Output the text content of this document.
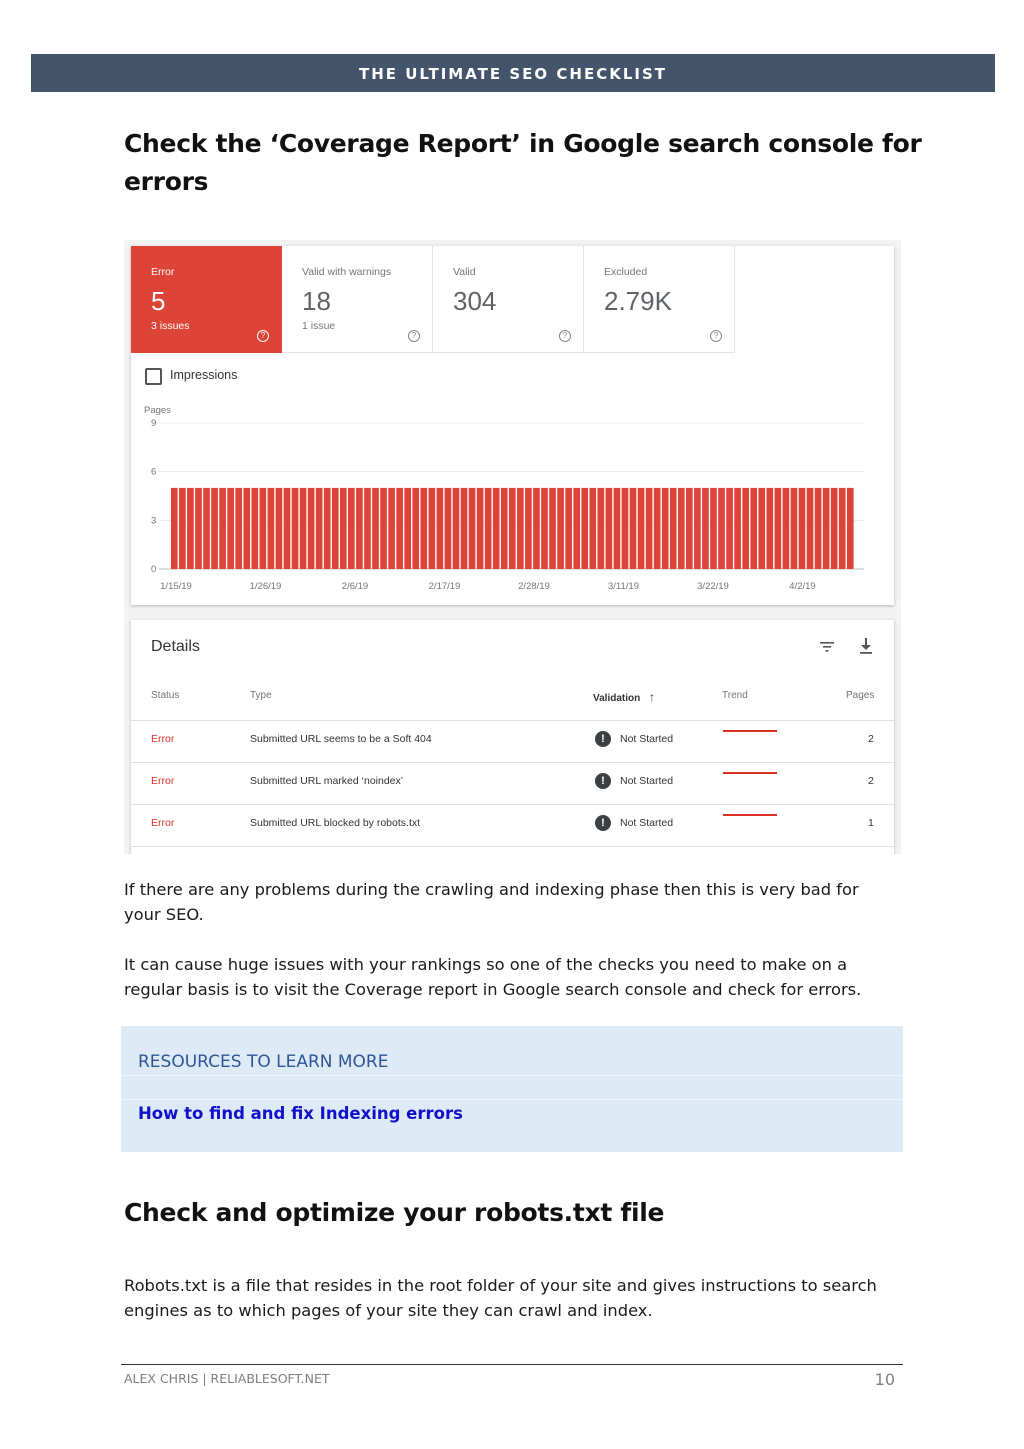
THE ULTIMATE SEO CHECKLIST
Check the ‘Coverage Report’ in Google search console for
errors
Error
5
3 issues
?
Valid with warnings
18
1 issue
?
Valid
304
?
Excluded
2.79K
?
Impressions
Pages
0
3
6
9
1/15/19	1/26/19	2/6/19	2/17/19	2/28/19	3/11/19	3/22/19	4/2/19
Details
Status	Type	Validation ↑	Trend	Pages
Error	Submitted URL seems to be a Soft 404	!	Not Started	2
Error	Submitted URL marked ‘noindex’	!	Not Started	2
Error	Submitted URL blocked by robots.txt	!	Not Started	1

If there are any problems during the crawling and indexing phase then this is very bad for
your SEO.

It can cause huge issues with your rankings so one of the checks you need to make on a
regular basis is to visit the Coverage report in Google search console and check for errors.

RESOURCES TO LEARN MORE
How to find and fix Indexing errors
Check and optimize your robots.txt file

Robots.txt is a file that resides in the root folder of your site and gives instructions to search
engines as to which pages of your site they can crawl and index.

ALEX CHRIS | RELIABLESOFT.NET	10
